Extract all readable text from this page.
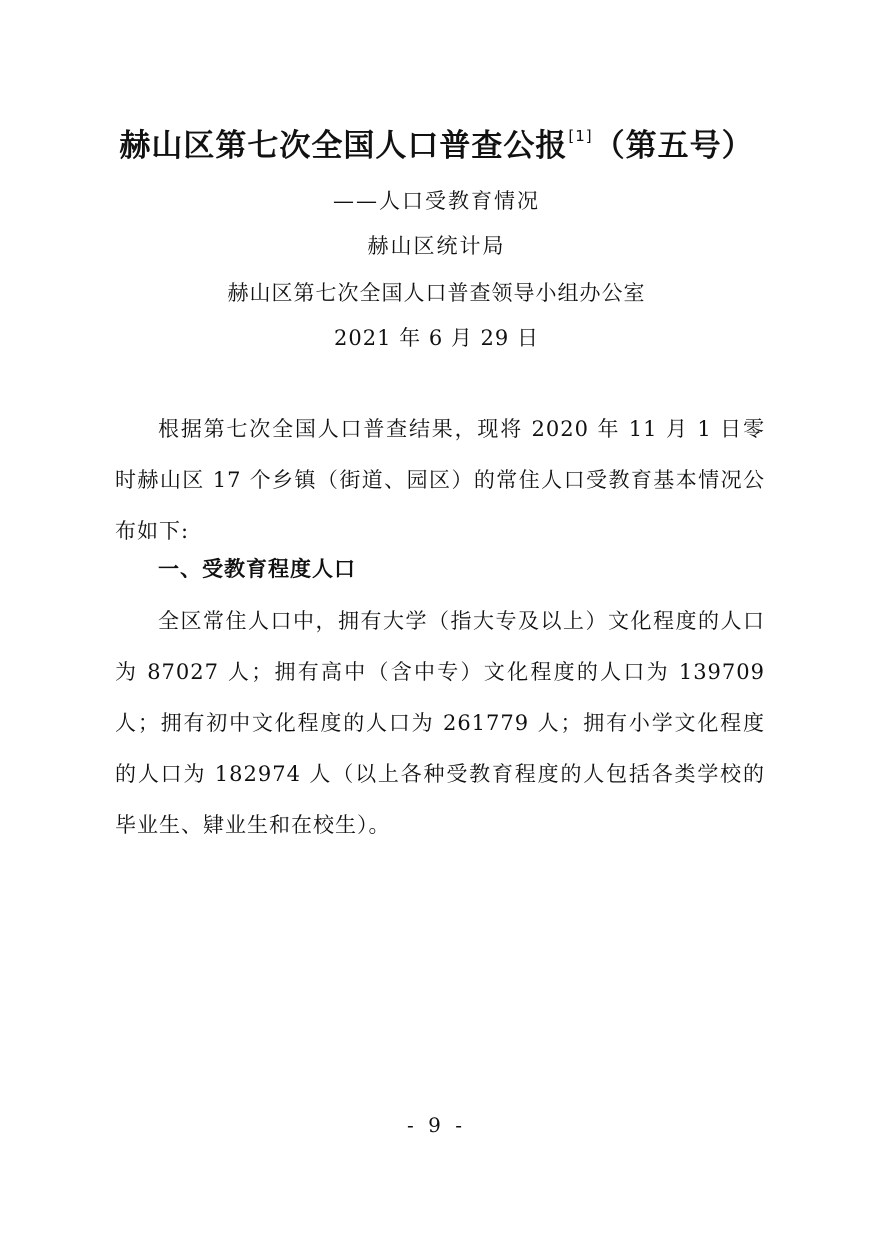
赫山区第七次全国人口普查公报[1]（第五号）
——人口受教育情况
赫山区统计局
赫山区第七次全国人口普查领导小组办公室
2021 年 6 月 29 日

根据第七次全国人口普查结果，现将 2020 年 11 月 1 日零时赫山区 17 个乡镇（街道、园区）的常住人口受教育基本情况公布如下:

一、受教育程度人口

全区常住人口中，拥有大学（指大专及以上）文化程度的人口为 87027 人；拥有高中（含中专）文化程度的人口为 139709 人；拥有初中文化程度的人口为 261779 人；拥有小学文化程度的人口为 182974 人（以上各种受教育程度的人包括各类学校的毕业生、肄业生和在校生）。

- 9 -
